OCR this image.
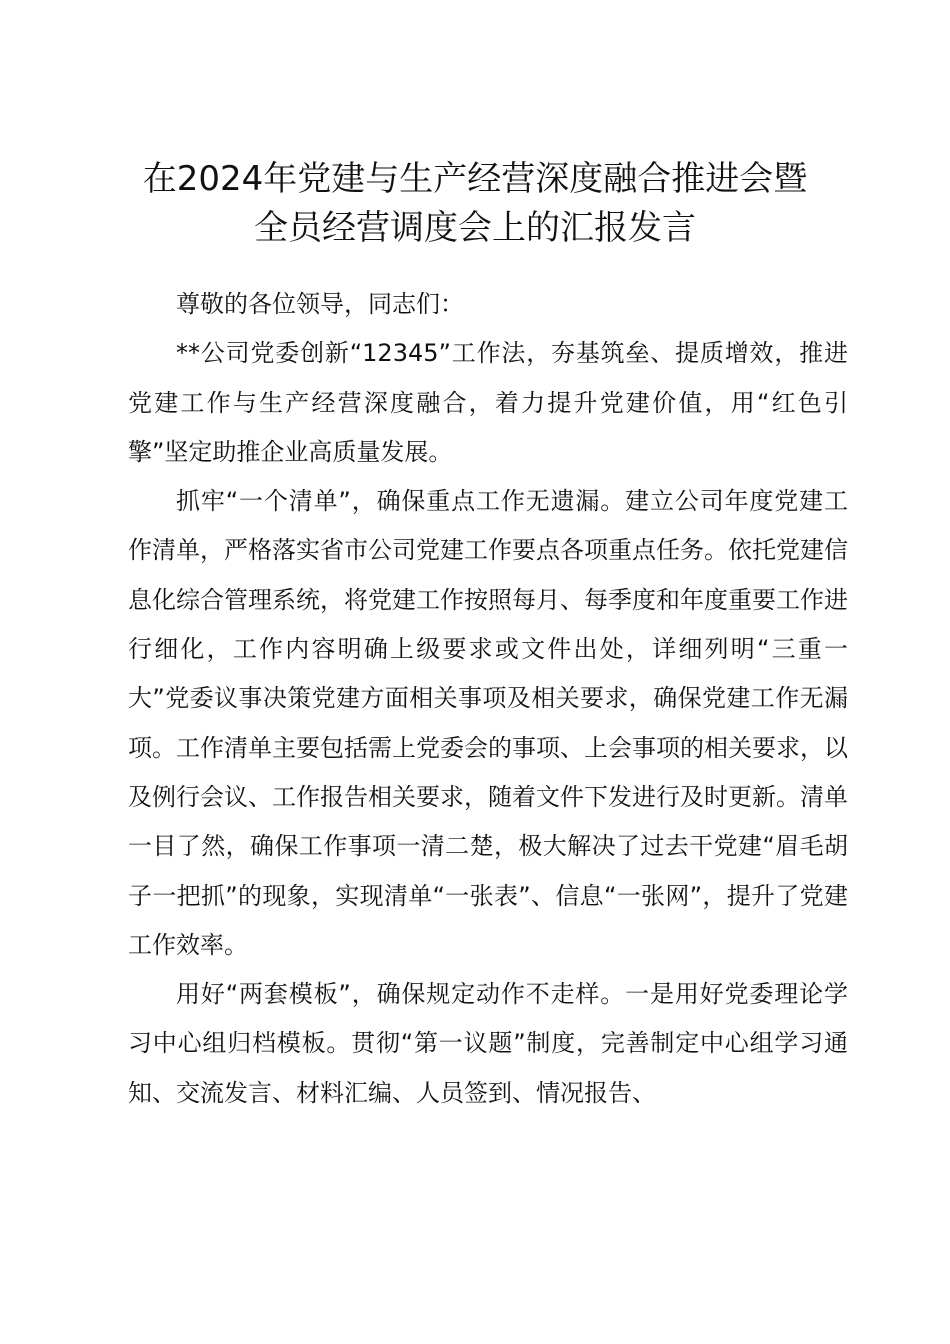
在2024年党建与生产经营深度融合推进会暨
全员经营调度会上的汇报发言

尊敬的各位领导，同志们：

**公司党委创新“12345”工作法，夯基筑垒、提质增效，推进党建工作与生产经营深度融合，着力提升党建价值，用“红色引擎”坚定助推企业高质量发展。

抓牢“一个清单”，确保重点工作无遗漏。建立公司年度党建工作清单，严格落实省市公司党建工作要点各项重点任务。依托党建信息化综合管理系统，将党建工作按照每月、每季度和年度重要工作进行细化，工作内容明确上级要求或文件出处，详细列明“三重一大”党委议事决策党建方面相关事项及相关要求，确保党建工作无漏项。工作清单主要包括需上党委会的事项、上会事项的相关要求，以及例行会议、工作报告相关要求，随着文件下发进行及时更新。清单一目了然，确保工作事项一清二楚，极大解决了过去干党建“眉毛胡子一把抓”的现象，实现清单“一张表”、信息“一张网”，提升了党建工作效率。

用好“两套模板”，确保规定动作不走样。一是用好党委理论学习中心组归档模板。贯彻“第一议题”制度，完善制定中心组学习通知、交流发言、材料汇编、人员签到、情况报告、
